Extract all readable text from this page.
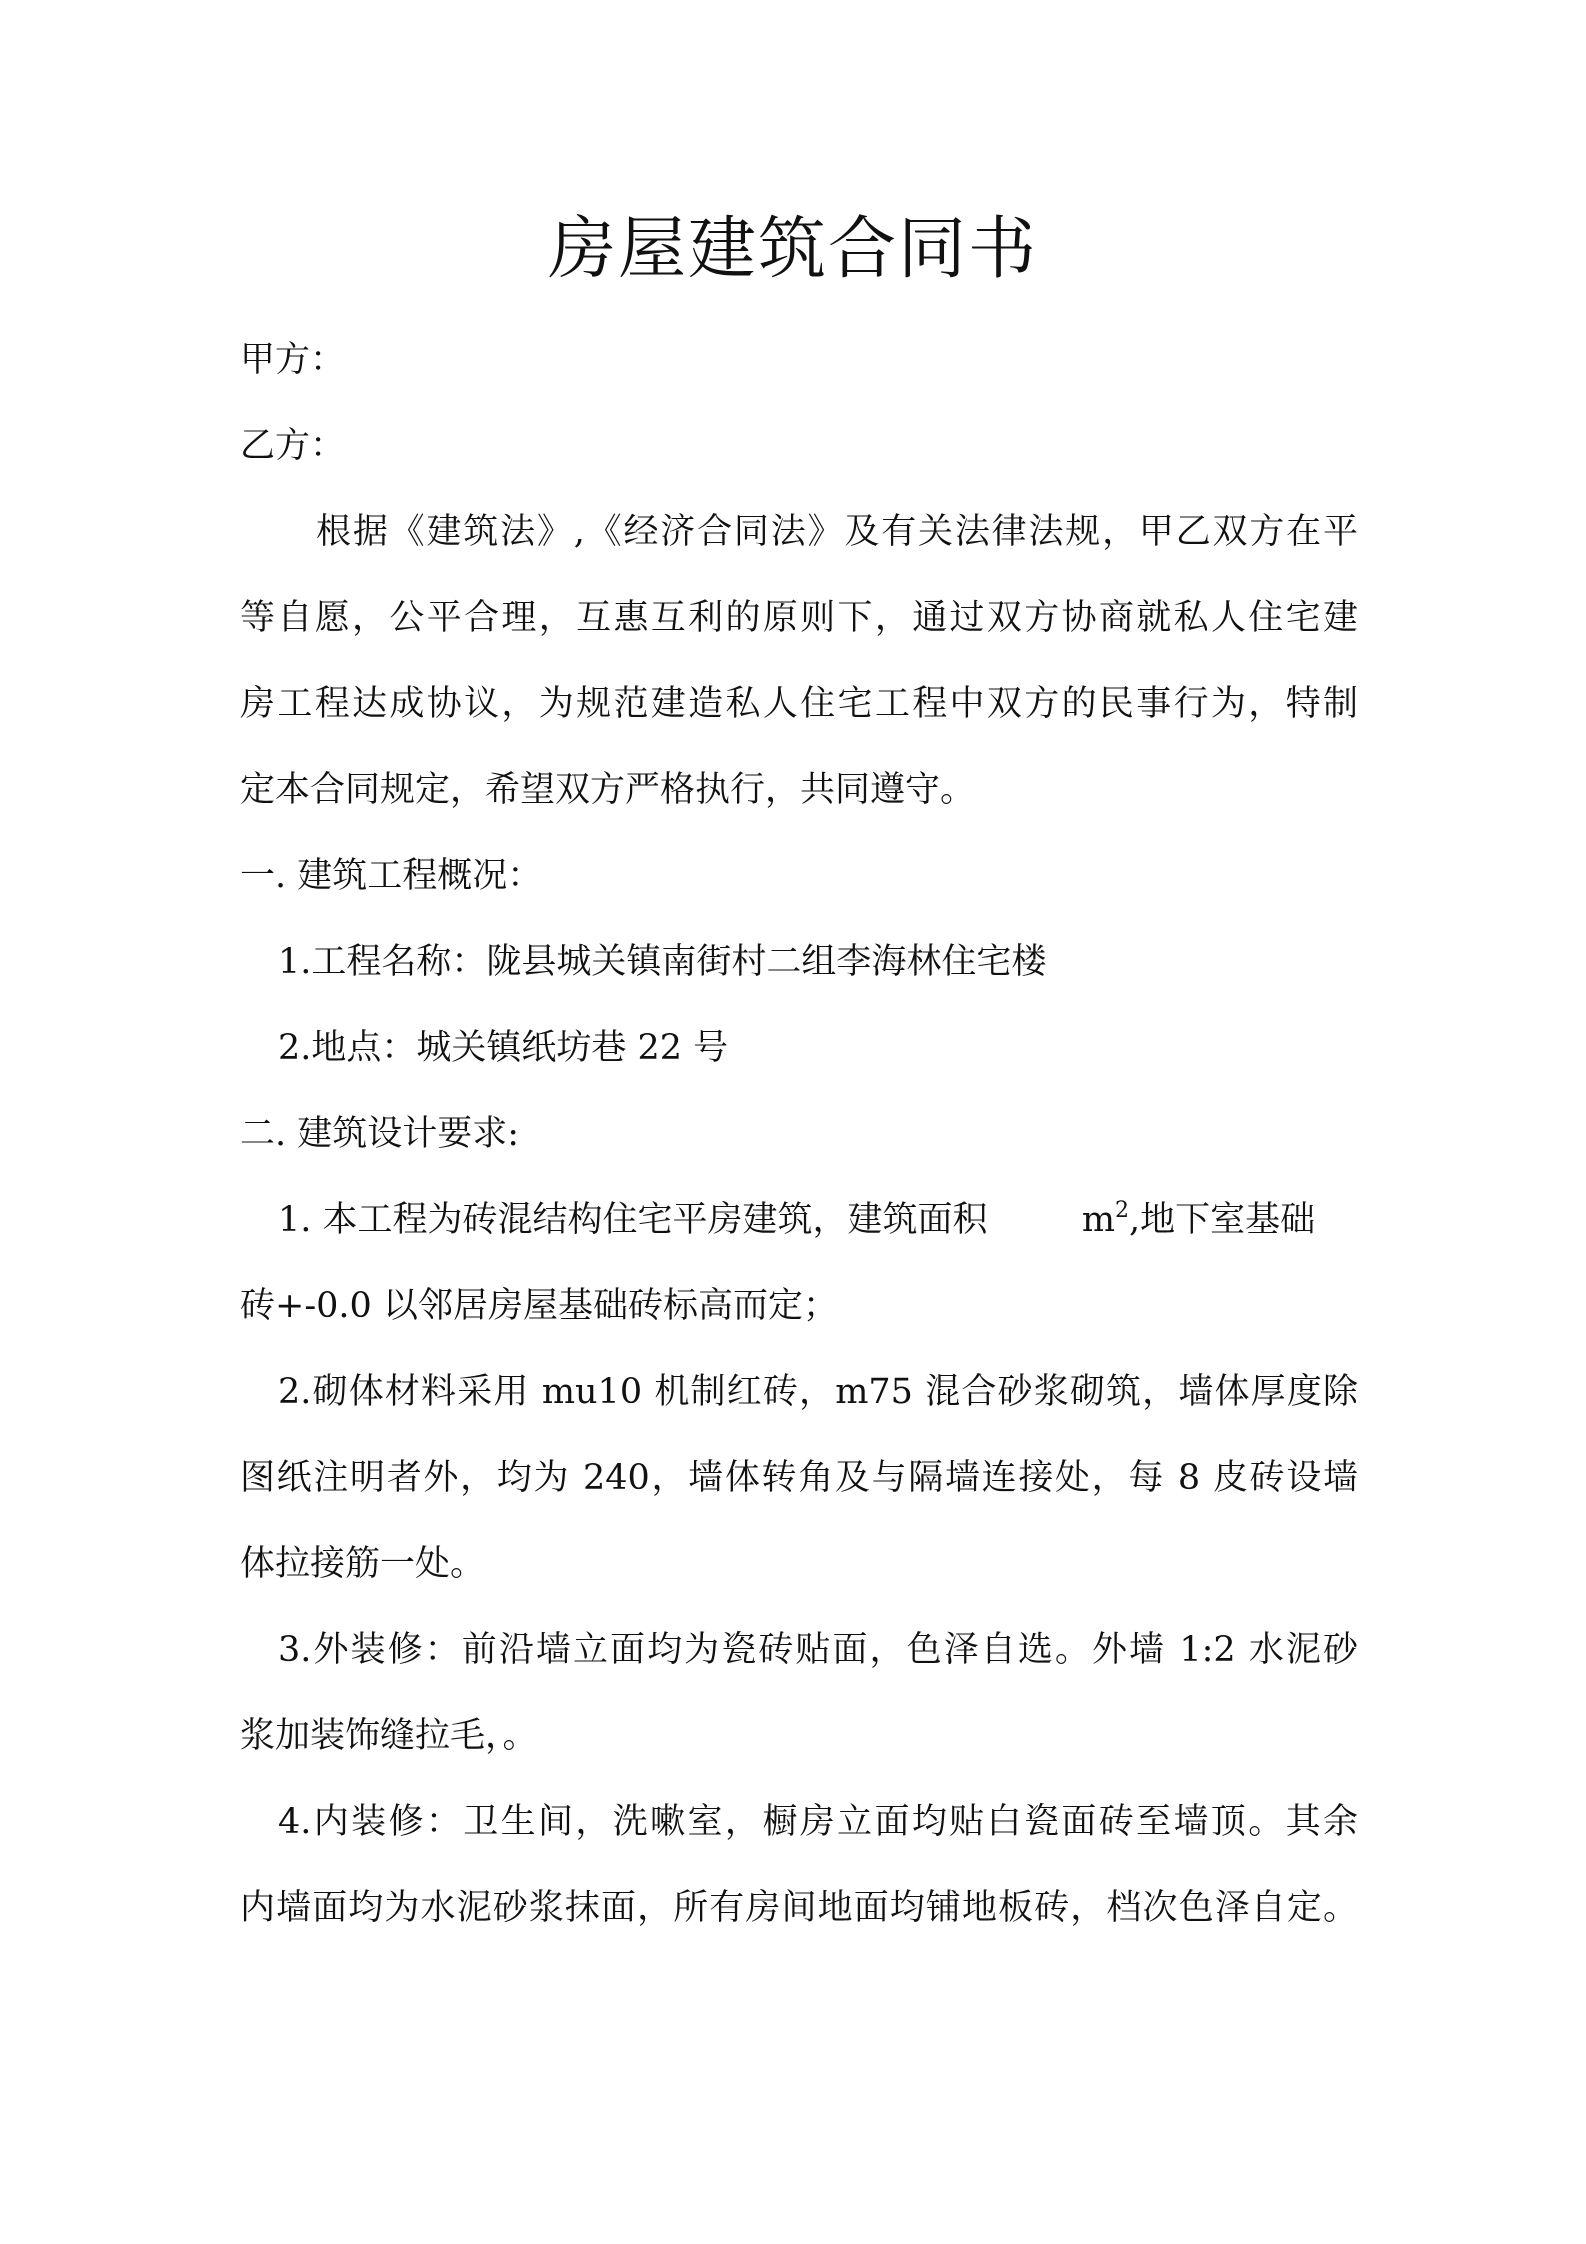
房屋建筑合同书
甲方：
乙方：
根据《建筑法》,《经济合同法》及有关法律法规，甲乙双方在平
等自愿，公平合理，互惠互利的原则下，通过双方协商就私人住宅建
房工程达成协议，为规范建造私人住宅工程中双方的民事行为，特制
定本合同规定，希望双方严格执行，共同遵守。
一. 建筑工程概况：
1.工程名称：陇县城关镇南街村二组李海林住宅楼
2.地点：城关镇纸坊巷 22 号
二. 建筑设计要求:
1. 本工程为砖混结构住宅平房建筑，建筑面积	$m^2$,地下室基础
砖+-0.0 以邻居房屋基础砖标高而定；
2.砌体材料采用 mu10 机制红砖，m75 混合砂浆砌筑，墙体厚度除
图纸注明者外，均为 240，墙体转角及与隔墙连接处，每 8 皮砖设墙
体拉接筋一处。
3.外装修：前沿墙立面均为瓷砖贴面，色泽自选。外墙 1:2 水泥砂
浆加装饰缝拉毛，。
4.内装修：卫生间，洗嗽室，橱房立面均贴白瓷面砖至墙顶。其余
内墙面均为水泥砂浆抹面，所有房间地面均铺地板砖，档次色泽自定。
